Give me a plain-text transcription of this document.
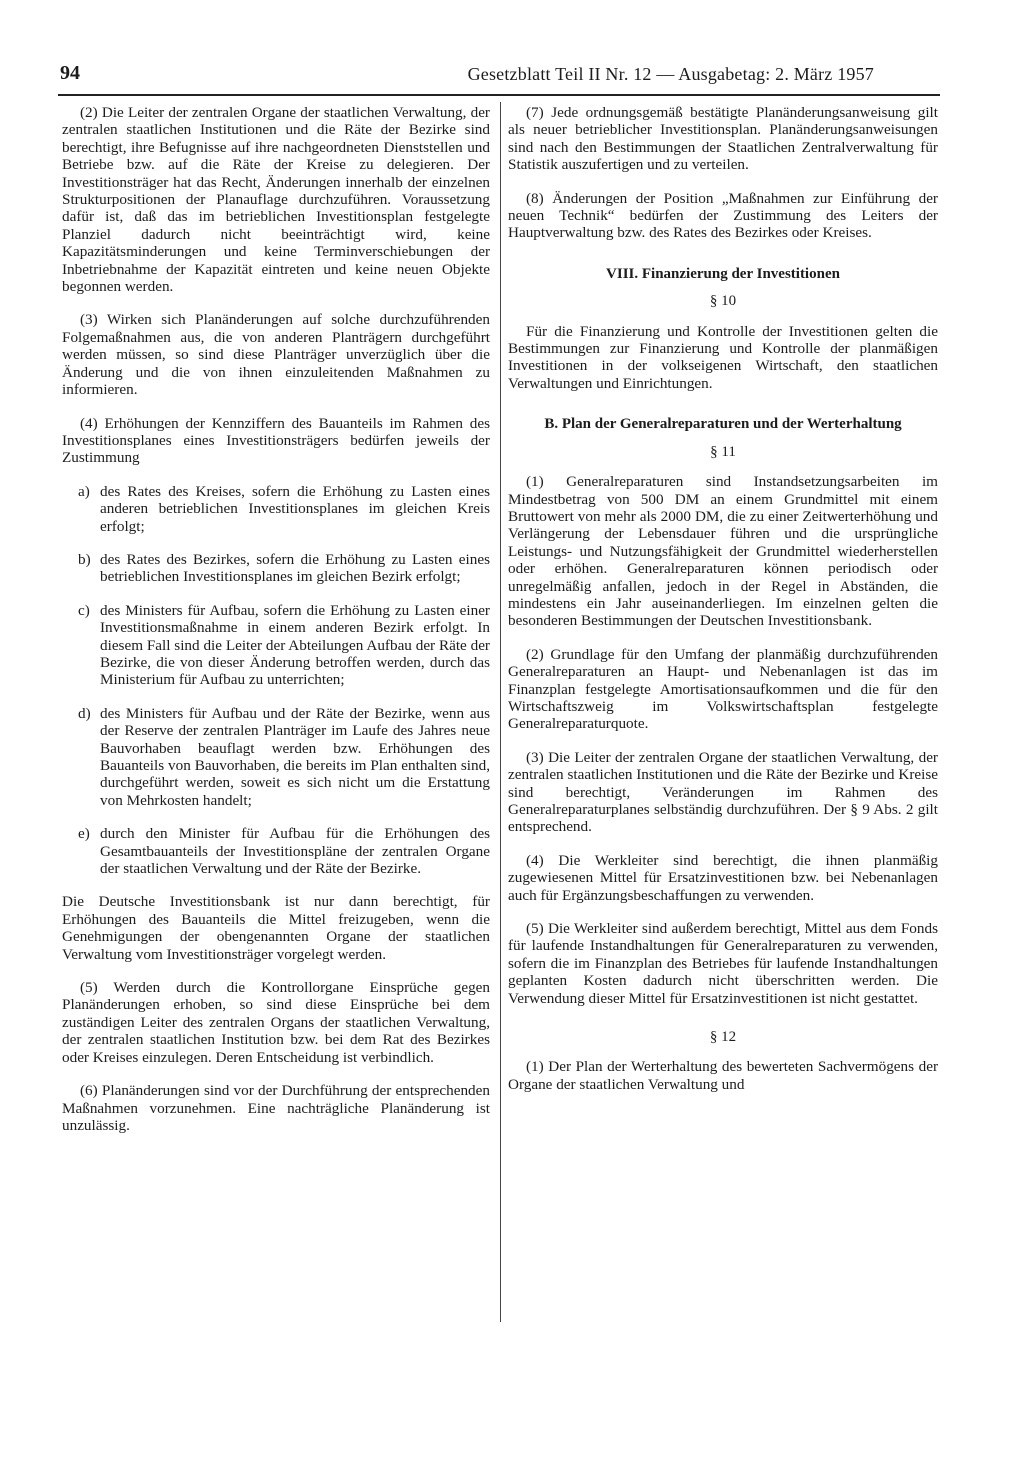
94	Gesetzblatt Teil II Nr. 12 — Ausgabetag: 2. März 1957

(2) Die Leiter der zentralen Organe der staatlichen Verwaltung, der zentralen staatlichen Institutionen und die Räte der Bezirke sind berechtigt, ihre Befugnisse auf ihre nachgeordneten Dienststellen und Betriebe bzw. auf die Räte der Kreise zu delegieren. Der Investitionsträger hat das Recht, Änderungen innerhalb der einzelnen Strukturpositionen der Planauflage durchzuführen. Voraussetzung dafür ist, daß das im betrieblichen Investitionsplan festgelegte Planziel dadurch nicht beeinträchtigt wird, keine Kapazitätsminderungen und keine Terminverschiebungen der Inbetriebnahme der Kapazität eintreten und keine neuen Objekte begonnen werden.

(3) Wirken sich Planänderungen auf solche durchzuführenden Folgemaßnahmen aus, die von anderen Planträgern durchgeführt werden müssen, so sind diese Planträger unverzüglich über die Änderung und die von ihnen einzuleitenden Maßnahmen zu informieren.

(4) Erhöhungen der Kennziffern des Bauanteils im Rahmen des Investitionsplanes eines Investitionsträgers bedürfen jeweils der Zustimmung

a) des Rates des Kreises, sofern die Erhöhung zu Lasten eines anderen betrieblichen Investitionsplanes im gleichen Kreis erfolgt;
b) des Rates des Bezirkes, sofern die Erhöhung zu Lasten eines betrieblichen Investitionsplanes im gleichen Bezirk erfolgt;
c) des Ministers für Aufbau, sofern die Erhöhung zu Lasten einer Investitionsmaßnahme in einem anderen Bezirk erfolgt. In diesem Fall sind die Leiter der Abteilungen Aufbau der Räte der Bezirke, die von dieser Änderung betroffen werden, durch das Ministerium für Aufbau zu unterrichten;
d) des Ministers für Aufbau und der Räte der Bezirke, wenn aus der Reserve der zentralen Planträger im Laufe des Jahres neue Bauvorhaben beauflagt werden bzw. Erhöhungen des Bauanteils von Bauvorhaben, die bereits im Plan enthalten sind, durchgeführt werden, soweit es sich nicht um die Erstattung von Mehrkosten handelt;
e) durch den Minister für Aufbau für die Erhöhungen des Gesamtbauanteils der Investitionspläne der zentralen Organe der staatlichen Verwaltung und der Räte der Bezirke.

Die Deutsche Investitionsbank ist nur dann berechtigt, für Erhöhungen des Bauanteils die Mittel freizugeben, wenn die Genehmigungen der obengenannten Organe der staatlichen Verwaltung vom Investitionsträger vorgelegt werden.

(5) Werden durch die Kontrollorgane Einsprüche gegen Planänderungen erhoben, so sind diese Einsprüche bei dem zuständigen Leiter des zentralen Organs der staatlichen Verwaltung, der zentralen staatlichen Institution bzw. bei dem Rat des Bezirkes oder Kreises einzulegen. Deren Entscheidung ist verbindlich.

(6) Planänderungen sind vor der Durchführung der entsprechenden Maßnahmen vorzunehmen. Eine nachträgliche Planänderung ist unzulässig.

(7) Jede ordnungsgemäß bestätigte Planänderungsanweisung gilt als neuer betrieblicher Investitionsplan. Planänderungsanweisungen sind nach den Bestimmungen der Staatlichen Zentralverwaltung für Statistik auszufertigen und zu verteilen.

(8) Änderungen der Position „Maßnahmen zur Einführung der neuen Technik“ bedürfen der Zustimmung des Leiters der Hauptverwaltung bzw. des Rates des Bezirkes oder Kreises.

VIII. Finanzierung der Investitionen
§ 10

Für die Finanzierung und Kontrolle der Investitionen gelten die Bestimmungen zur Finanzierung und Kontrolle der planmäßigen Investitionen in der volkseigenen Wirtschaft, den staatlichen Verwaltungen und Einrichtungen.

B. Plan der Generalreparaturen und der Werterhaltung
§ 11

(1) Generalreparaturen sind Instandsetzungsarbeiten im Mindestbetrag von 500 DM an einem Grundmittel mit einem Bruttowert von mehr als 2000 DM, die zu einer Zeitwerterhöhung und Verlängerung der Lebensdauer führen und die ursprüngliche Leistungs- und Nutzungsfähigkeit der Grundmittel wiederherstellen oder erhöhen. Generalreparaturen können periodisch oder unregelmäßig anfallen, jedoch in der Regel in Abständen, die mindestens ein Jahr auseinanderliegen. Im einzelnen gelten die besonderen Bestimmungen der Deutschen Investitionsbank.

(2) Grundlage für den Umfang der planmäßig durchzuführenden Generalreparaturen an Haupt- und Nebenanlagen ist das im Finanzplan festgelegte Amortisationsaufkommen und die für den Wirtschaftszweig im Volkswirtschaftsplan festgelegte Generalreparaturquote.

(3) Die Leiter der zentralen Organe der staatlichen Verwaltung, der zentralen staatlichen Institutionen und die Räte der Bezirke und Kreise sind berechtigt, Veränderungen im Rahmen des Generalreparaturplanes selbständig durchzuführen. Der § 9 Abs. 2 gilt entsprechend.

(4) Die Werkleiter sind berechtigt, die ihnen planmäßig zugewiesenen Mittel für Ersatzinvestitionen bzw. bei Nebenanlagen auch für Ergänzungsbeschaffungen zu verwenden.

(5) Die Werkleiter sind außerdem berechtigt, Mittel aus dem Fonds für laufende Instandhaltungen für Generalreparaturen zu verwenden, sofern die im Finanzplan des Betriebes für laufende Instandhaltungen geplanten Kosten dadurch nicht überschritten werden. Die Verwendung dieser Mittel für Ersatzinvestitionen ist nicht gestattet.

§ 12

(1) Der Plan der Werterhaltung des bewerteten Sachvermögens der Organe der staatlichen Verwaltung und
